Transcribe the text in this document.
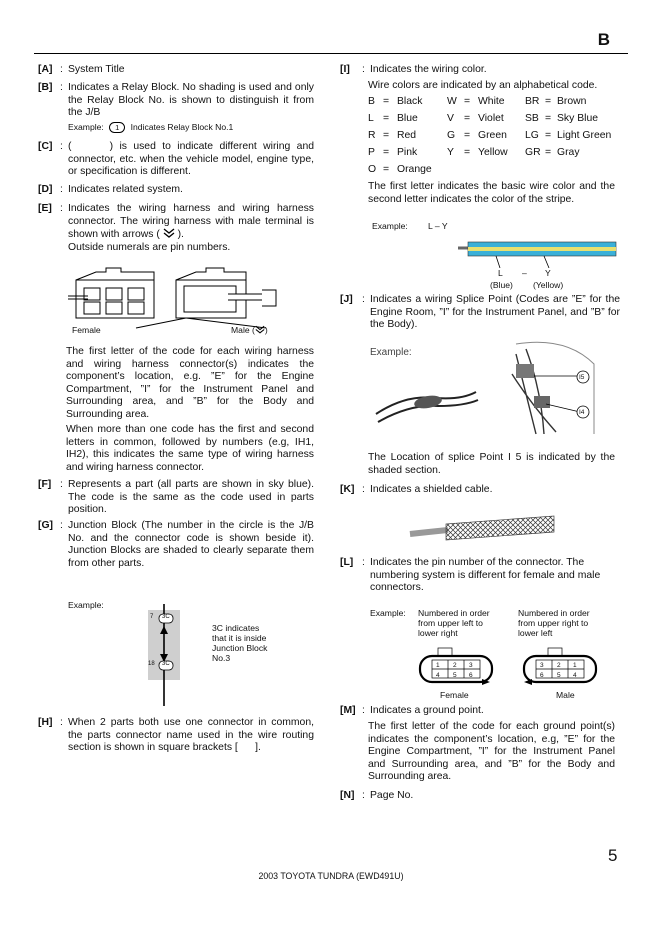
B
[A] : System Title
[B] : Indicates a Relay Block. No shading is used and only the Relay Block No. is shown to distinguish it from the J/B
Example: 1 Indicates Relay Block No.1
[C] : (      ) is used to indicate different wiring and connector, etc. when the vehicle model, engine type, or specification is different.
[D] : Indicates related system.
[E] : Indicates the wiring harness and wiring harness connector. The wiring harness with male terminal is shown with arrows ( ).
Outside numerals are pin numbers.
Female	Male ( )
The first letter of the code for each wiring harness and wiring harness connector(s) indicates the component’s location, e.g. ”E” for the Engine Compartment, ”I” for the Instrument Panel and Surrounding area, and ”B” for the Body and Surrounding area.
When more than one code has the first and second letters in common, followed by numbers (e.g, IH1, IH2), this indicates the same type of wiring harness and wiring harness connector.
[F] : Represents a part (all parts are shown in sky blue). The code is the same as the code used in parts position.
[G] : Junction Block (The number in the circle is the J/B No. and the connector code is shown beside it). Junction Blocks are shaded to clearly separate them from other parts.
Example:
7 3C
18 3C
3C indicates
that it is inside
Junction Block
No.3
[H] : When 2 parts both use one connector in common, the parts connector name used in the wire routing section is shown in square brackets [      ].
[I]	: Indicates the wiring color.
Wire colors are indicated by an alphabetical code.
B = Black W = White BR = Brown
L = Blue	V = Violet SB = Sky Blue
R = Red	G = Green LG = Light Green
P = Pink	Y = Yellow GR = Gray
O = Orange
The first letter indicates the basic wire color and the second letter indicates the color of the stripe.
Example: L – Y
L – Y
(Blue) (Yellow)
[J] : Indicates a wiring Splice Point (Codes are ”E” for the Engine Room, ”I” for the Instrument Panel, and ”B” for the Body).
Example:
I5
I4
The Location of splice Point I 5 is indicated by the shaded section.
[K] : Indicates a shielded cable.
[L] : Indicates the pin number of the connector. The numbering system is different for female and male connectors.
Example: Numbered in order
from upper left to
lower right
Numbered in order
from upper right to
lower left
1 2 3
4 5 6
3 2 1
6 5 4
Female	Male
[M] : Indicates a ground point.
The first letter of the code for each ground point(s) indicates the component’s location, e.g, ”E” for the Engine Compartment, ”I” for the Instrument Panel and Surrounding area, and ”B” for the Body and Surrounding area.
[N] : Page No.
5
2003 TOYOTA TUNDRA (EWD491U)
